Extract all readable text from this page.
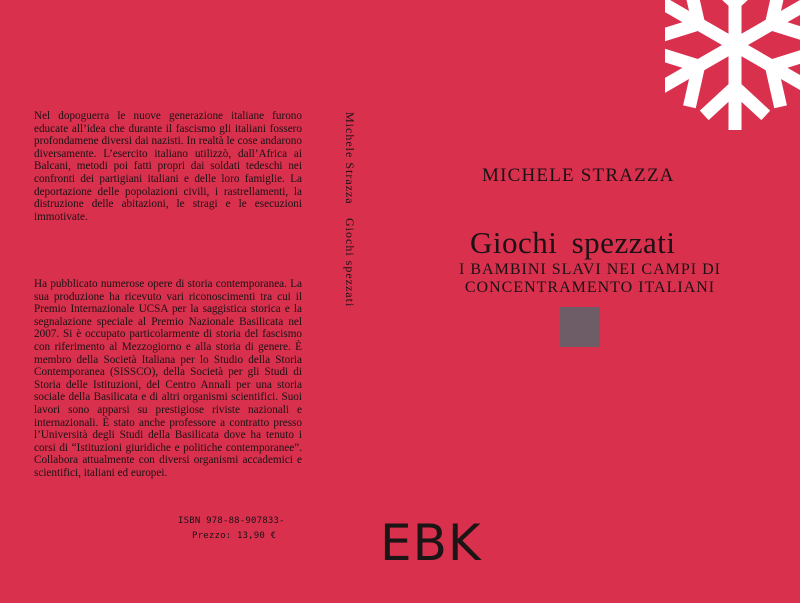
Nel dopoguerra le nuove generazione italiane furono educate all’idea che durante il fascismo gli italiani fossero profondamene diversi dai nazisti. In realtà le cose andarono diversamente. L’esercito italiano utilizzò, dall’Africa ai Balcani, metodi poi fatti propri dai soldati tedeschi nei confronti dei partigiani italiani e delle loro famiglie. La deportazione delle popolazioni civili, i rastrellamenti, la distruzione delle abitazioni, le stragi e le esecuzioni immotivate.
Ha pubblicato numerose opere di storia contemporanea. La sua produzione ha ricevuto vari riconoscimenti tra cui il Premio Internazionale UCSA per la saggistica storica e la segnalazione speciale al Premio Nazionale Basilicata nel 2007. Si è occupato particolarmente di storia del fascismo con riferimento al Mezzogiorno e alla storia di genere. È membro della Società Italiana per lo Studio della Storia Contemporanea (SISSCO), della Società per gli Studi di Storia delle Istituzioni, del Centro Annali per una storia sociale della Basilicata e di altri organismi scientifici. Suoi lavori sono apparsi su prestigiose riviste nazionali e internazionali. È stato anche professore a contratto presso l’Università degli Studi della Basilicata dove ha tenuto i corsi di “Istituzioni giuridiche e politiche contemporanee”. Collabora attualmente con diversi organismi accademici e scientifici, italiani ed europei.
ISBN 978-88-907833-
Prezzo: 13,90 €
Michele Strazza
Giochi spezzati
MICHELE STRAZZA
Giochi spezzati
I BAMBINI SLAVI NEI CAMPI DI CONCENTRAMENTO ITALIANI
EBK
